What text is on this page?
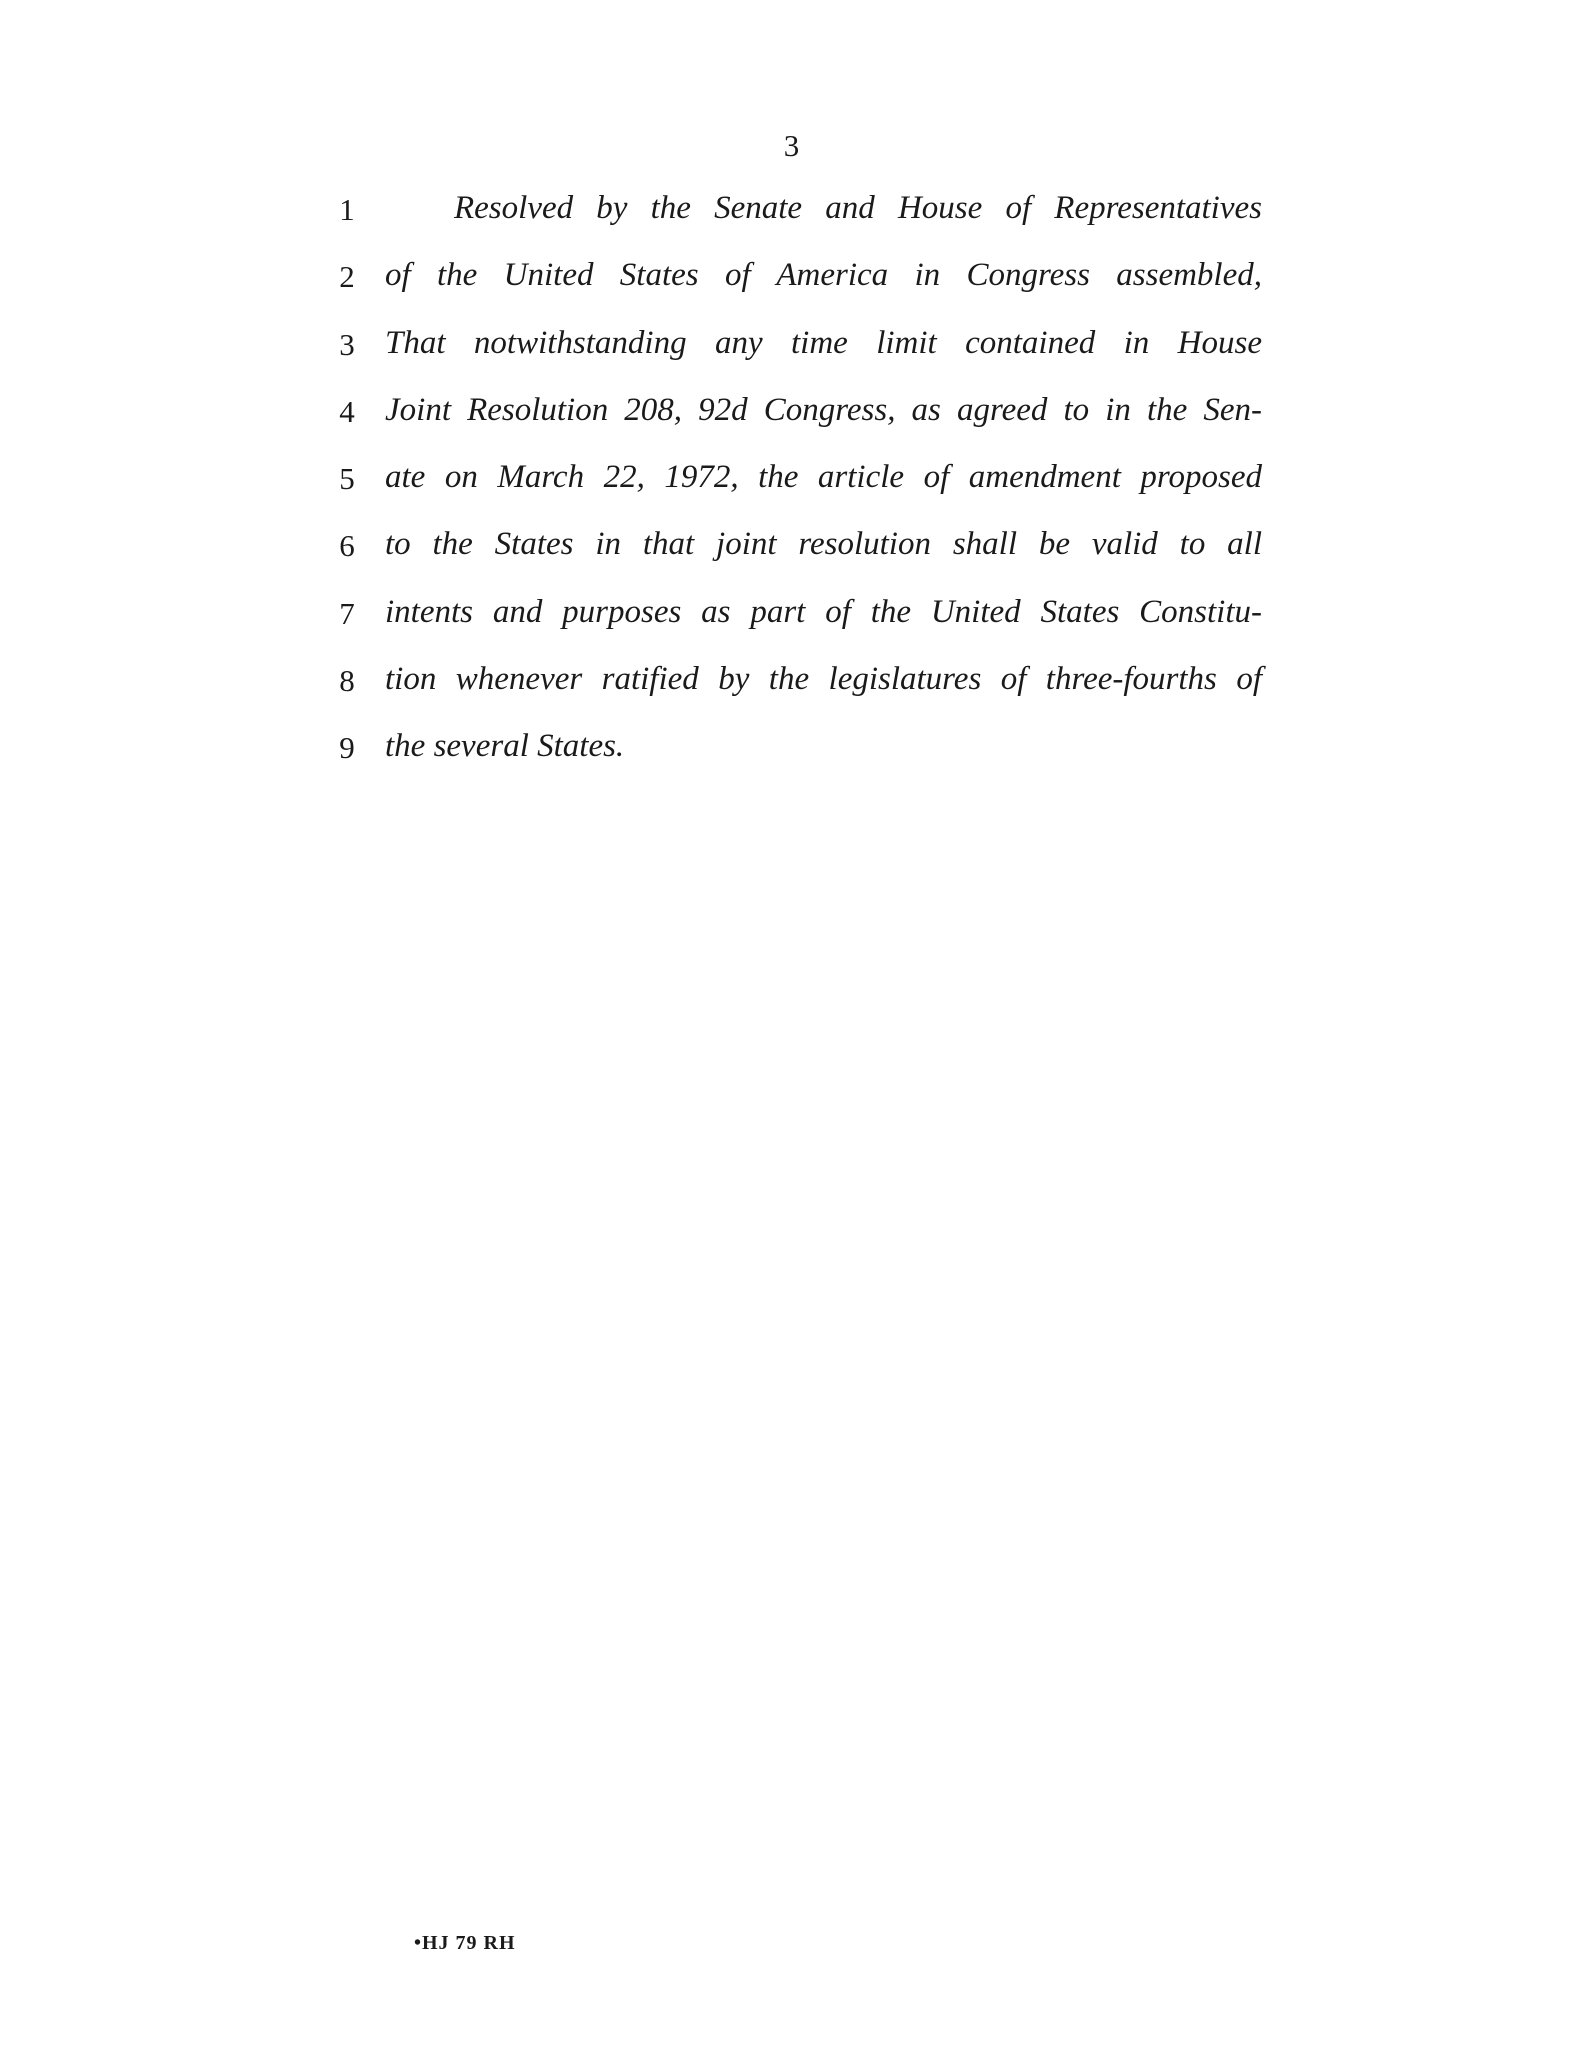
3
1	Resolved by the Senate and House of Representatives
2 of the United States of America in Congress assembled,
3 That notwithstanding any time limit contained in House
4 Joint Resolution 208, 92d Congress, as agreed to in the Sen-
5 ate on March 22, 1972, the article of amendment proposed
6 to the States in that joint resolution shall be valid to all
7 intents and purposes as part of the United States Constitu-
8 tion whenever ratified by the legislatures of three-fourths of
9 the several States.
•HJ 79 RH
